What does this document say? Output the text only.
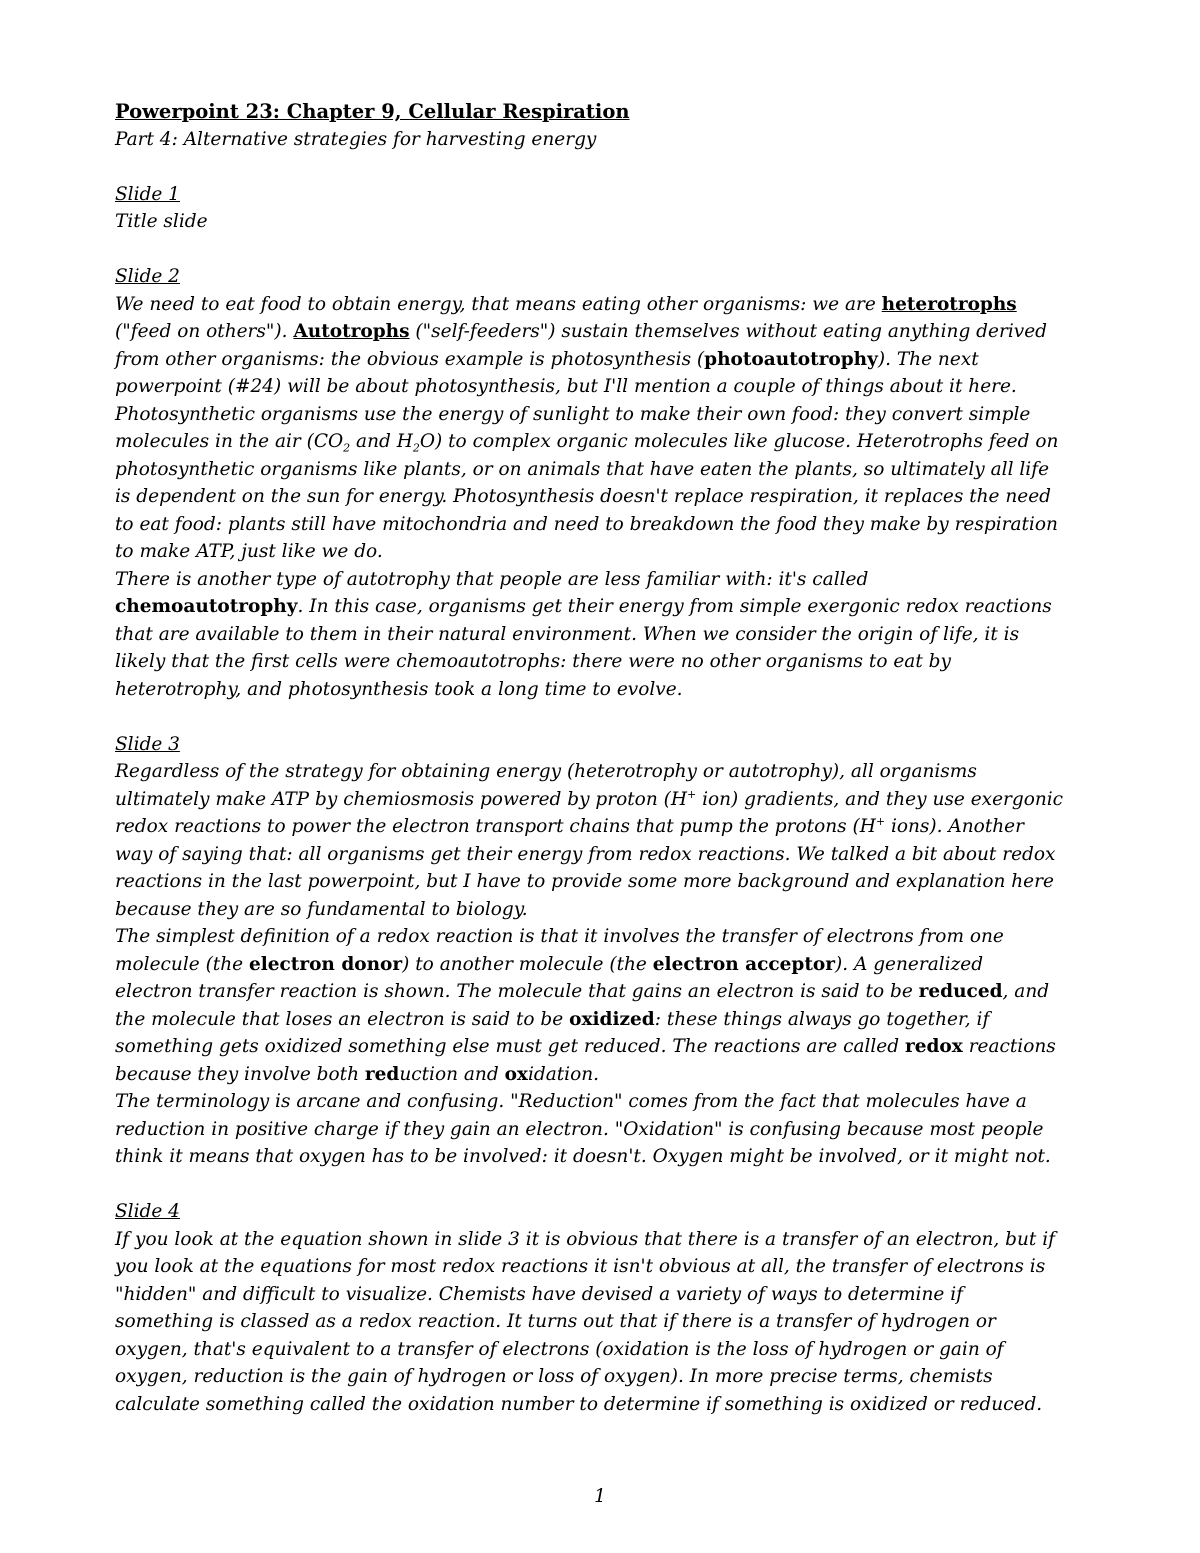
Powerpoint 23: Chapter 9, Cellular Respiration
Part 4: Alternative strategies for harvesting energy
Slide 1
Title slide
Slide 2
We need to eat food to obtain energy, that means eating other organisms: we are heterotrophs
("feed on others"). Autotrophs ("self-feeders") sustain themselves without eating anything derived
from other organisms: the obvious example is photosynthesis (photoautotrophy). The next
powerpoint (#24) will be about photosynthesis, but I'll mention a couple of things about it here.
Photosynthetic organisms use the energy of sunlight to make their own food: they convert simple
molecules in the air ($CO_2$ and $H_2O$) to complex organic molecules like glucose. Heterotrophs feed on
photosynthetic organisms like plants, or on animals that have eaten the plants, so ultimately all life
is dependent on the sun for energy. Photosynthesis doesn't replace respiration, it replaces the need
to eat food: plants still have mitochondria and need to breakdown the food they make by respiration
to make ATP, just like we do.
There is another type of autotrophy that people are less familiar with: it's called
chemoautotrophy. In this case, organisms get their energy from simple exergonic redox reactions
that are available to them in their natural environment. When we consider the origin of life, it is
likely that the first cells were chemoautotrophs: there were no other organisms to eat by
heterotrophy, and photosynthesis took a long time to evolve.
Slide 3
Regardless of the strategy for obtaining energy (heterotrophy or autotrophy), all organisms
ultimately make ATP by chemiosmosis powered by proton (H+ ion) gradients, and they use exergonic
redox reactions to power the electron transport chains that pump the protons (H+ ions). Another
way of saying that: all organisms get their energy from redox reactions. We talked a bit about redox
reactions in the last powerpoint, but I have to provide some more background and explanation here
because they are so fundamental to biology.
The simplest definition of a redox reaction is that it involves the transfer of electrons from one
molecule (the electron donor) to another molecule (the electron acceptor). A generalized
electron transfer reaction is shown. The molecule that gains an electron is said to be reduced, and
the molecule that loses an electron is said to be oxidized: these things always go together, if
something gets oxidized something else must get reduced. The reactions are called redox reactions
because they involve both reduction and oxidation.
The terminology is arcane and confusing. "Reduction" comes from the fact that molecules have a
reduction in positive charge if they gain an electron. "Oxidation" is confusing because most people
think it means that oxygen has to be involved: it doesn't. Oxygen might be involved, or it might not.
Slide 4
If you look at the equation shown in slide 3 it is obvious that there is a transfer of an electron, but if
you look at the equations for most redox reactions it isn't obvious at all, the transfer of electrons is
"hidden" and difficult to visualize. Chemists have devised a variety of ways to determine if
something is classed as a redox reaction. It turns out that if there is a transfer of hydrogen or
oxygen, that's equivalent to a transfer of electrons (oxidation is the loss of hydrogen or gain of
oxygen, reduction is the gain of hydrogen or loss of oxygen). In more precise terms, chemists
calculate something called the oxidation number to determine if something is oxidized or reduced.
1
